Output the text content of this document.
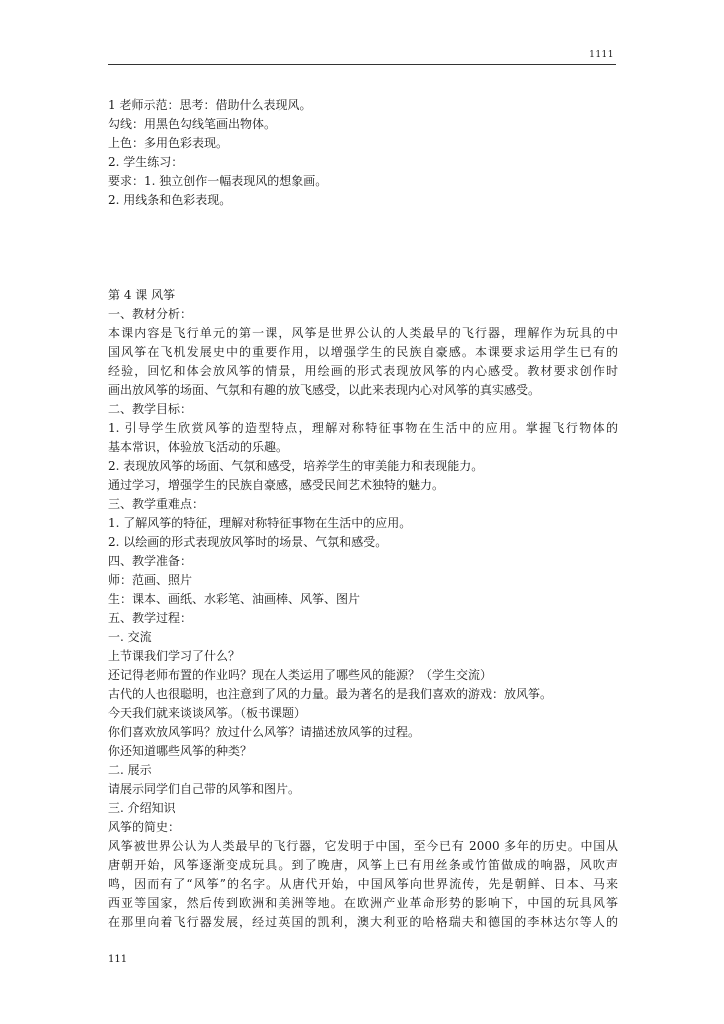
1111
1 老师示范：思考：借助什么表现风。
勾线：用黑色勾线笔画出物体。
上色：多用色彩表现。
2. 学生练习：
要求：1. 独立创作一幅表现风的想象画。
2. 用线条和色彩表现。
第 4 课 风筝
一、教材分析：
本课内容是飞行单元的第一课，风筝是世界公认的人类最早的飞行器，理解作为玩具的中
国风筝在飞机发展史中的重要作用，以增强学生的民族自豪感。本课要求运用学生已有的
经验，回忆和体会放风筝的情景，用绘画的形式表现放风筝的内心感受。教材要求创作时
画出放风筝的场面、气氛和有趣的放飞感受，以此来表现内心对风筝的真实感受。
二、教学目标：
1. 引导学生欣赏风筝的造型特点，理解对称特征事物在生活中的应用。掌握飞行物体的
基本常识，体验放飞活动的乐趣。
2. 表现放风筝的场面、气氛和感受，培养学生的审美能力和表现能力。
通过学习，增强学生的民族自豪感，感受民间艺术独特的魅力。
三、教学重难点：
1. 了解风筝的特征，理解对称特征事物在生活中的应用。
2. 以绘画的形式表现放风筝时的场景、气氛和感受。
四、教学准备：
师：范画、照片
生：课本、画纸、水彩笔、油画棒、风筝、图片
五、教学过程：
一. 交流
上节课我们学习了什么？
还记得老师布置的作业吗？现在人类运用了哪些风的能源？（学生交流）
古代的人也很聪明，也注意到了风的力量。最为著名的是我们喜欢的游戏：放风筝。
今天我们就来谈谈风筝。（板书课题）
你们喜欢放风筝吗？放过什么风筝？请描述放风筝的过程。
你还知道哪些风筝的种类？
二. 展示
请展示同学们自己带的风筝和图片。
三. 介绍知识
风筝的简史：
风筝被世界公认为人类最早的飞行器，它发明于中国，至今已有 2000 多年的历史。中国从
唐朝开始，风筝逐渐变成玩具。到了晚唐，风筝上已有用丝条或竹笛做成的响器，风吹声
鸣，因而有了“风筝”的名字。从唐代开始，中国风筝向世界流传，先是朝鲜、日本、马来
西亚等国家，然后传到欧洲和美洲等地。在欧洲产业革命形势的影响下，中国的玩具风筝
在那里向着飞行器发展，经过英国的凯利，澳大利亚的哈格瑞夫和德国的李林达尔等人的
111
